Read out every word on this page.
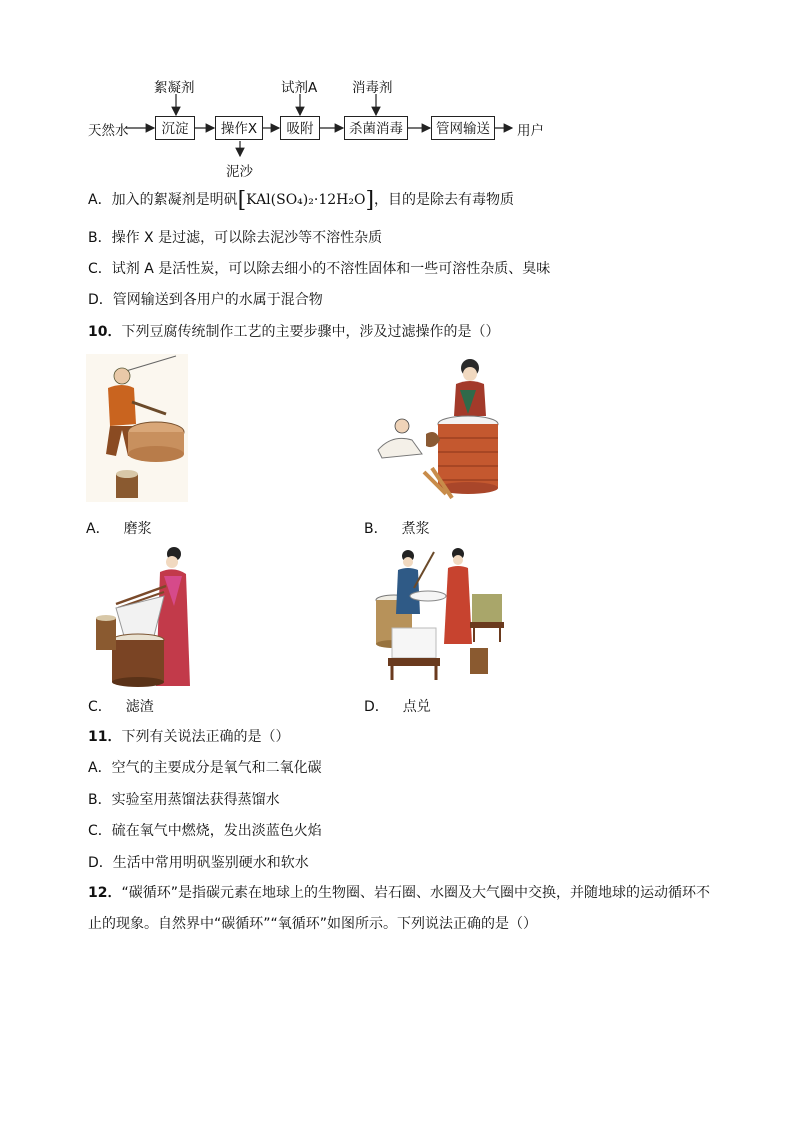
天然水	沉淀	操作X	吸附	杀菌消毒	管网输送	用户
絮凝剂	试剂A	消毒剂
泥沙
A．加入的絮凝剂是明矾[KAl(SO₄)₂·12H₂O]，目的是除去有毒物质
B．操作 X 是过滤，可以除去泥沙等不溶性杂质
C．试剂 A 是活性炭，可以除去细小的不溶性固体和一些可溶性杂质、臭味
D．管网输送到各用户的水属于混合物
10．下列豆腐传统制作工艺的主要步骤中，涉及过滤操作的是（）
A． 磨浆	B． 煮浆
C． 滤渣	D． 点兑
11．下列有关说法正确的是（）
A．空气的主要成分是氧气和二氧化碳
B．实验室用蒸馏法获得蒸馏水
C．硫在氧气中燃烧，发出淡蓝色火焰
D．生活中常用明矾鉴别硬水和软水
12．“碳循环”是指碳元素在地球上的生物圈、岩石圈、水圈及大气圈中交换，并随地球的运动循环不
止的现象。自然界中“碳循环”“氧循环”如图所示。下列说法正确的是（）
